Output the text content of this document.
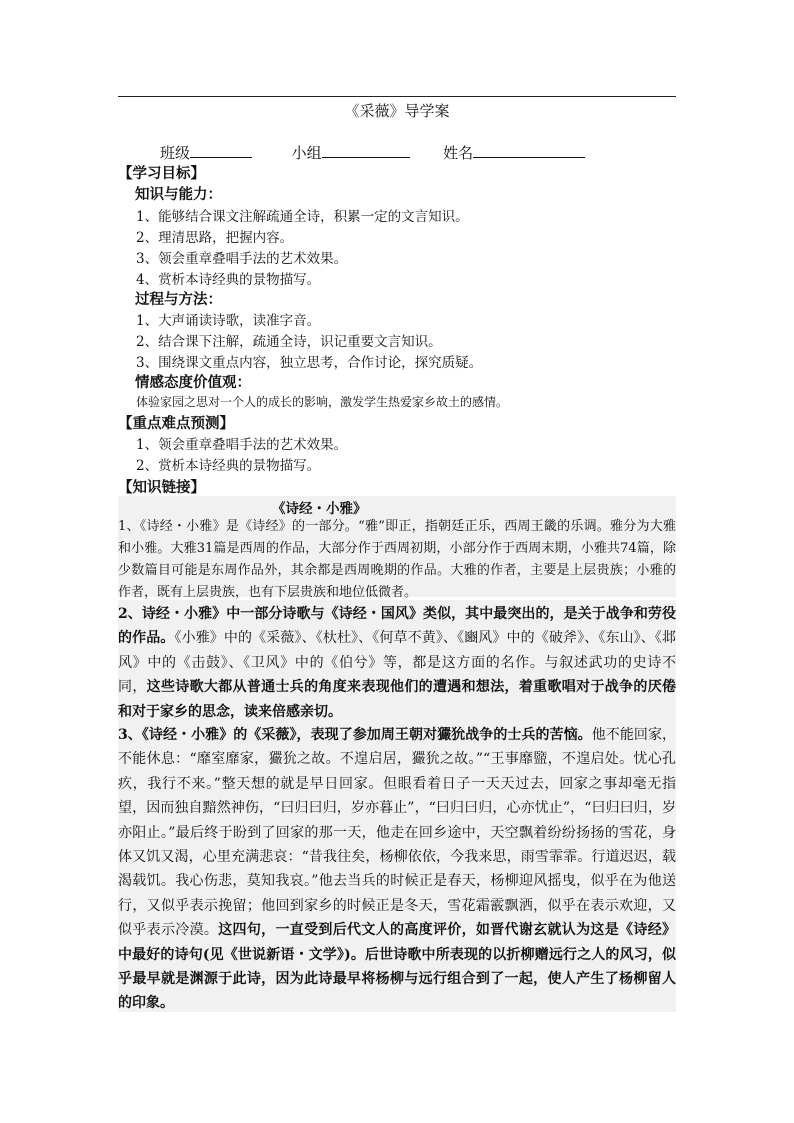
《采薇》导学案
班级	小组	姓名
【学习目标】
知识与能力：
1、能够结合课文注解疏通全诗，积累一定的文言知识。
2、理清思路，把握内容。
3、领会重章叠唱手法的艺术效果。
4、赏析本诗经典的景物描写。
过程与方法：
1、大声诵读诗歌，读准字音。
2、结合课下注解，疏通全诗，识记重要文言知识。
3、围绕课文重点内容，独立思考，合作讨论，探究质疑。
情感态度价值观：
体验家园之思对一个人的成长的影响，激发学生热爱家乡故土的感情。
【重点难点预测】
1、领会重章叠唱手法的艺术效果。
2、赏析本诗经典的景物描写。
【知识链接】
《诗经・小雅》
1、《诗经・小雅》是《诗经》的一部分。“雅”即正，指朝廷正乐，西周王畿的乐调。雅分为大雅和小雅。大雅31篇是西周的作品，大部分作于西周初期，小部分作于西周末期，小雅共74篇，除少数篇目可能是东周作品外，其余都是西周晚期的作品。大雅的作者，主要是上层贵族；小雅的作者，既有上层贵族，也有下层贵族和地位低微者。
2、诗经・小雅》中一部分诗歌与《诗经・国风》类似，其中最突出的，是关于战争和劳役的作品。《小雅》中的《采薇》、《杕杜》、《何草不黄》、《豳风》中的《破斧》、《东山》、《邶风》中的《击鼓》、《卫风》中的《伯兮》等，都是这方面的名作。与叙述武功的史诗不同，这些诗歌大都从普通士兵的角度来表现他们的遭遇和想法，着重歌唱对于战争的厌倦和对于家乡的思念，读来倍感亲切。
3、《诗经・小雅》的《采薇》，表现了参加周王朝对玁狁战争的士兵的苦恼。他不能回家，不能休息：“靡室靡家，玁狁之故。不遑启居，玁狁之故。”“王事靡盬，不遑启处。忧心孔疚，我行不来。”整天想的就是早日回家。但眼看着日子一天天过去，回家之事却毫无指望，因而独自黯然神伤，“曰归曰归，岁亦暮止”，“曰归曰归，心亦忧止”，“曰归曰归，岁亦阳止。”最后终于盼到了回家的那一天，他走在回乡途中，天空飘着纷纷扬扬的雪花，身体又饥又渴，心里充满悲哀：“昔我往矣，杨柳依依，今我来思，雨雪霏霏。行道迟迟，载渴载饥。我心伤悲，莫知我哀。”他去当兵的时候正是春天，杨柳迎风摇曳，似乎在为他送行，又似乎表示挽留；他回到家乡的时候正是冬天，雪花霜霰飘洒，似乎在表示欢迎，又似乎表示冷漠。这四句，一直受到后代文人的高度评价，如晋代谢玄就认为这是《诗经》中最好的诗句(见《世说新语・文学》)。后世诗歌中所表现的以折柳赠远行之人的风习，似乎最早就是渊源于此诗，因为此诗最早将杨柳与远行组合到了一起，使人产生了杨柳留人的印象。
